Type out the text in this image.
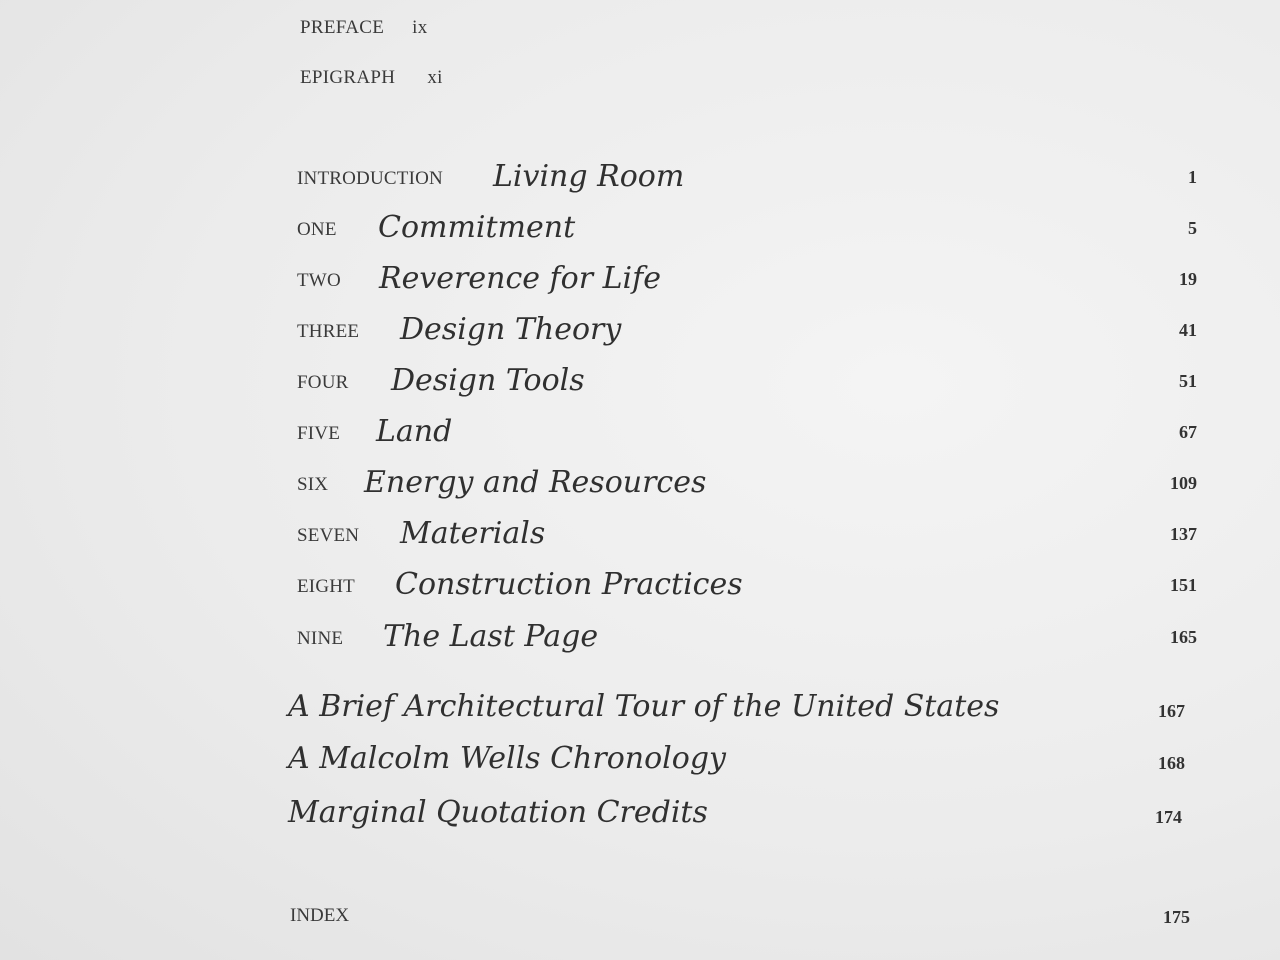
PREFACE ix
EPIGRAPH xi
INTRODUCTION Living Room	1
ONE Commitment	5
TWO Reverence for Life	19
THREE Design Theory	41
FOUR Design Tools	51
FIVE Land	67
SIX Energy and Resources	109
SEVEN Materials	137
EIGHT Construction Practices	151
NINE The Last Page	165
A Brief Architectural Tour of the United States	167
A Malcolm Wells Chronology	168
Marginal Quotation Credits	174
INDEX	175
